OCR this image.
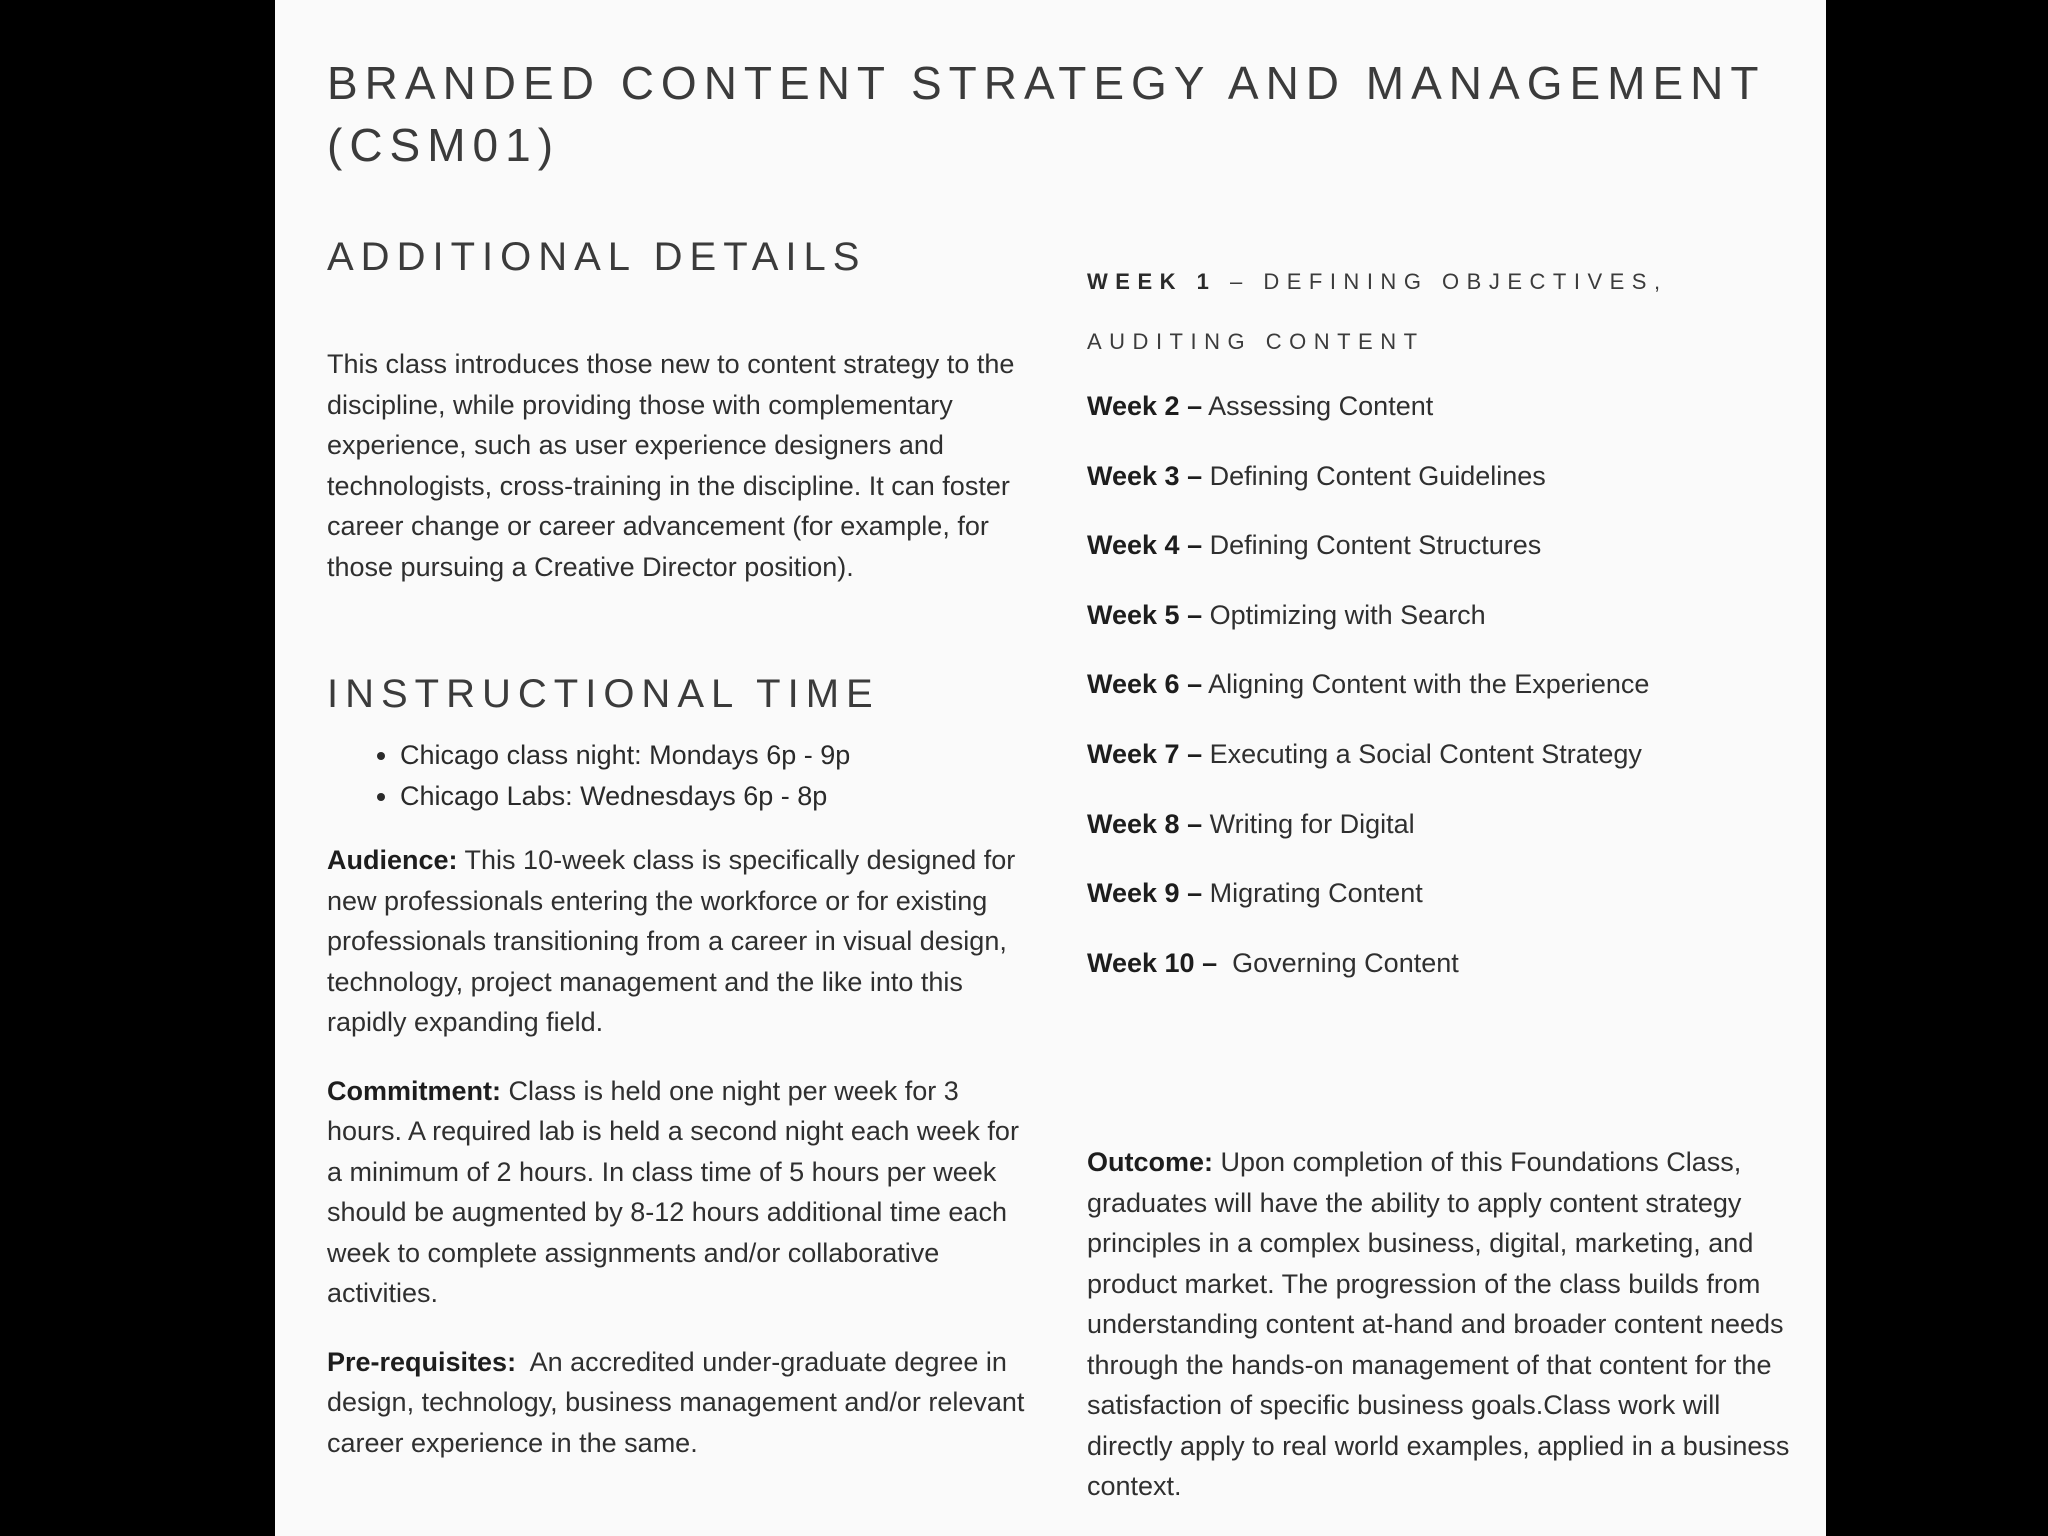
BRANDED CONTENT STRATEGY AND MANAGEMENT (CSM01)
ADDITIONAL DETAILS

This class introduces those new to content strategy to the discipline, while providing those with complementary experience, such as user experience designers and technologists, cross-training in the discipline. It can foster career change or career advancement (for example, for those pursuing a Creative Director position).

INSTRUCTIONAL TIME
• Chicago class night: Mondays 6p - 9p
• Chicago Labs: Wednesdays 6p - 8p

Audience: This 10-week class is specifically designed for new professionals entering the workforce or for existing professionals transitioning from a career in visual design, technology, project management and the like into this rapidly expanding field.

Commitment: Class is held one night per week for 3 hours. A required lab is held a second night each week for a minimum of 2 hours. In class time of 5 hours per week should be augmented by 8-12 hours additional time each week to complete assignments and/or collaborative activities.

Pre-requisites:  An accredited under-graduate degree in design, technology, business management and/or relevant career experience in the same.

WEEK 1 – DEFINING OBJECTIVES, AUDITING CONTENT

Week 2 – Assessing Content
Week 3 – Defining Content Guidelines
Week 4 – Defining Content Structures
Week 5 – Optimizing with Search
Week 6 – Aligning Content with the Experience
Week 7 – Executing a Social Content Strategy
Week 8 – Writing for Digital
Week 9 – Migrating Content
Week 10 –  Governing Content

Outcome: Upon completion of this Foundations Class, graduates will have the ability to apply content strategy principles in a complex business, digital, marketing, and product market. The progression of the class builds from understanding content at-hand and broader content needs through the hands-on management of that content for the satisfaction of specific business goals.Class work will directly apply to real world examples, applied in a business context.
